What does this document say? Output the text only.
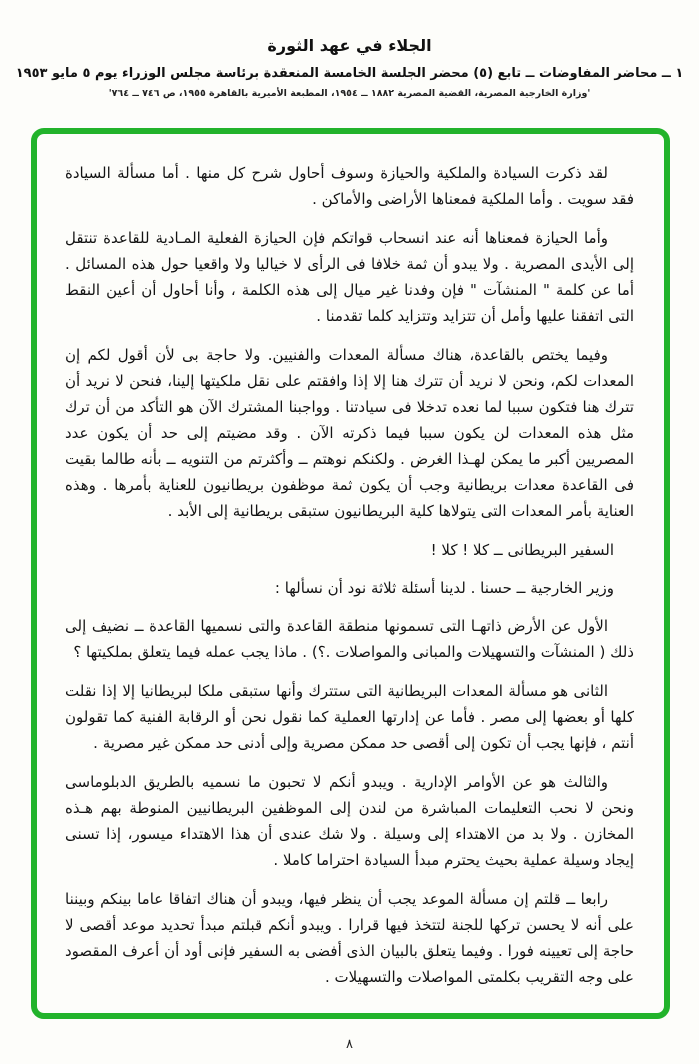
الجلاء في عهد الثورة
١ ــ محاضر المفاوضات ــ تابع (٥) محضر الجلسة الخامسة المنعقدة برئاسة مجلس الوزراء يوم ٥ مايو ١٩٥٣
'وزارة الخارجية المصرية، القضية المصرية ١٨٨٢ ــ ١٩٥٤، المطبعة الأميرية بالقاهرة ١٩٥٥، ص ٧٤٦ ــ ٧٦٤'

لقد ذكرت السيادة والملكية والحيازة وسوف أحاول شرح كل منها . أما مسألة السيادة فقد سويت . وأما الملكية فمعناها الأراضى والأماكن .

وأما الحيازة فمعناها أنه عند انسحاب قواتكم فإن الحيازة الفعلية المـادية للقاعدة تنتقل إلى الأيدى المصرية . ولا يبدو أن ثمة خلافا فى الرأى لا خياليا ولا واقعيا حول هذه المسائل . أما عن كلمة " المنشآت " فإن وفدنا غير ميال إلى هذه الكلمة ، وأنا أحاول أن أعين النقط التى اتفقنا عليها وأمل أن تتزايد وتتزايد كلما تقدمنا .

وفيما يختص بالقاعدة، هناك مسألة المعدات والفنيين. ولا حاجة بى لأن أقول لكم إن المعدات لكم، ونحن لا نريد أن تترك هنا إلا إذا وافقتم على نقل ملكيتها إلينا، فنحن لا نريد أن تترك هنا فتكون سببا لما نعده تدخلا فى سيادتنا . وواجبنا المشترك الآن هو التأكد من أن ترك مثل هذه المعدات لن يكون سببا فيما ذكرته الآن . وقد مضيتم إلى حد أن يكون عدد المصريين أكبر ما يمكن لهـذا الغرض . ولكنكم نوهتم ــ وأكثرتم من التنويه ــ بأنه طالما بقيت فى القاعدة معدات بريطانية وجب أن يكون ثمة موظفون بريطانيون للعناية بأمرها . وهذه العناية بأمر المعدات التى يتولاها كلية البريطانيون ستبقى بريطانية إلى الأبد .

السفير البريطانى ــ كلا ! كلا !

وزير الخارجية ــ حسنا . لدينا أسئلة ثلاثة نود أن نسألها :

الأول عن الأرض ذاتهـا التى تسمونها منطقة القاعدة والتى نسميها القاعدة ــ نضيف إلى ذلك ( المنشآت والتسهيلات والمبانى والمواصلات .؟) . ماذا يجب عمله فيما يتعلق بملكيتها ؟

الثانى هو مسألة المعدات البريطانية التى ستترك وأنها ستبقى ملكا لبريطانيا إلا إذا نقلت كلها أو بعضها إلى مصر . فأما عن إدارتها العملية كما نقول نحن أو الرقابة الفنية كما تقولون أنتم ، فإنها يجب أن تكون إلى أقصى حد ممكن مصرية وإلى أدنى حد ممكن غير مصرية .

والثالث هو عن الأوامر الإدارية . ويبدو أنكم لا تحبون ما نسميه بالطريق الدبلوماسى ونحن لا نحب التعليمات المباشرة من لندن إلى الموظفين البريطانيين المنوطة بهم هـذه المخازن . ولا بد من الاهتداء إلى وسيلة . ولا شك عندى أن هذا الاهتداء ميسور، إذا تسنى إيجاد وسيلة عملية بحيث يحترم مبدأ السيادة احتراما كاملا .

رابعا ــ قلتم إن مسألة الموعد يجب أن ينظر فيها، ويبدو أن هناك اتفاقا عاما بينكم وبيننا على أنه لا يحسن تركها للجنة لتتخذ فيها قرارا . ويبدو أنكم قبلتم مبدأ تحديد موعد أقصى لا حاجة إلى تعيينه فورا . وفيما يتعلق بالبيان الذى أفضى به السفير فإنى أود أن أعرف المقصود على وجه التقريب بكلمتى المواصلات والتسهيلات .

٨
